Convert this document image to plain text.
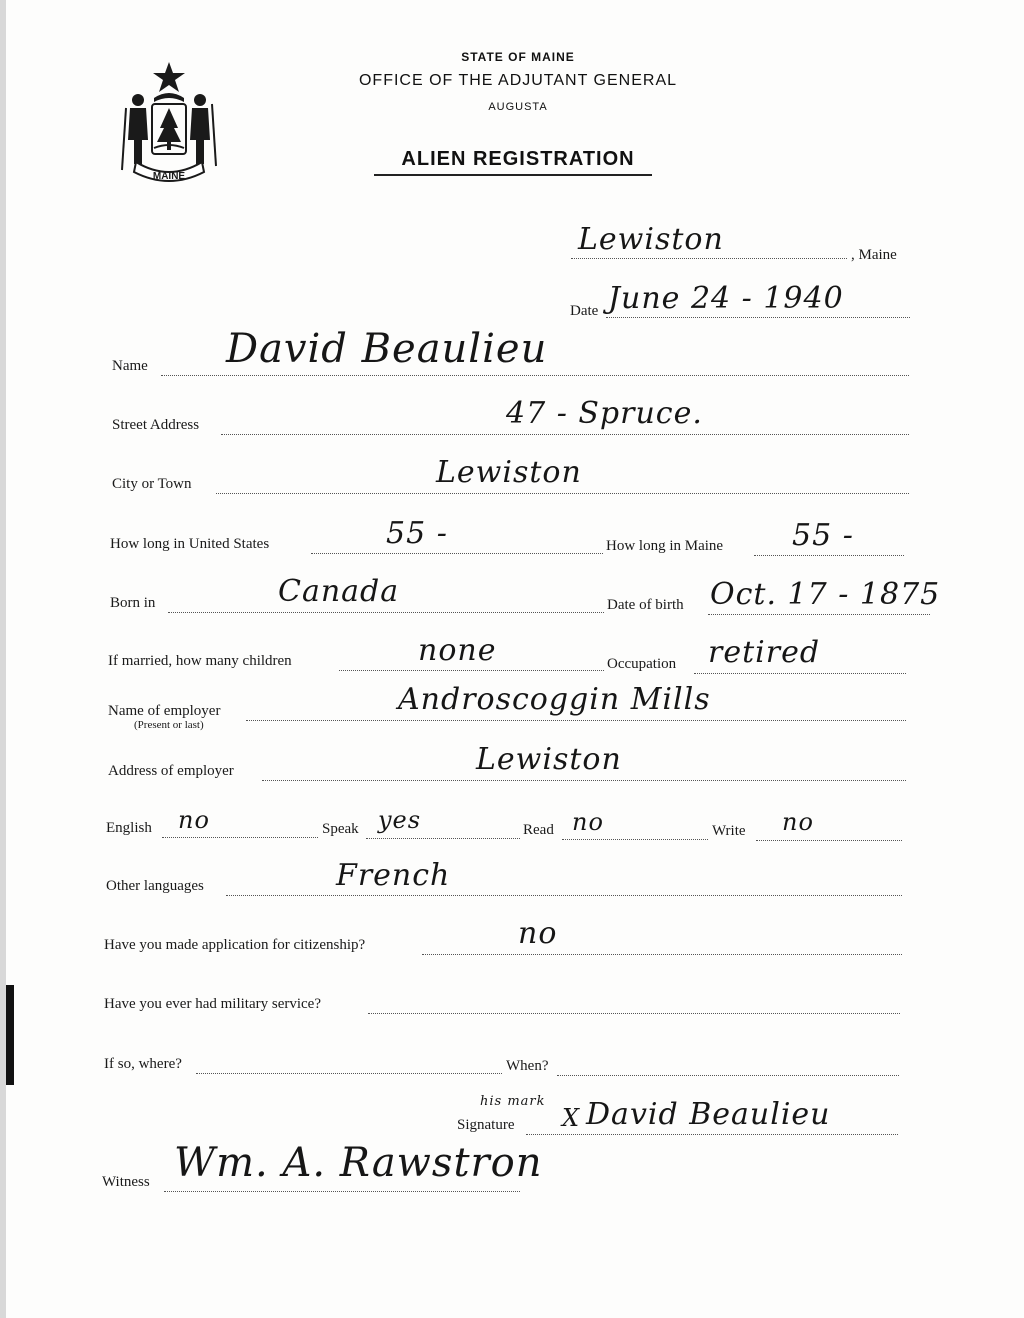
MAINE
STATE OF MAINE
OFFICE OF THE ADJUTANT GENERAL
AUGUSTA
ALIEN REGISTRATION
Lewiston	, Maine
Date June 24 - 1940
Name David Beaulieu
Street Address	47 - Spruce.
City or Town	Lewiston
How long in United States	55 -	How long in Maine 55 -
Born in	Canada	Date of birth Oct. 17 - 1875
If married, how many children	none	Occupation retired
Name of employer
(Present or last)
Androscoggin Mills
Address of employer	Lewiston
English no	Speak yes	Read no	Write no
Other languages	French
Have you made application for citizenship?	no
Have you ever had military service?
If so, where?	When?
his mark
Signature X David Beaulieu
Witness Wm. A. Rawstron
